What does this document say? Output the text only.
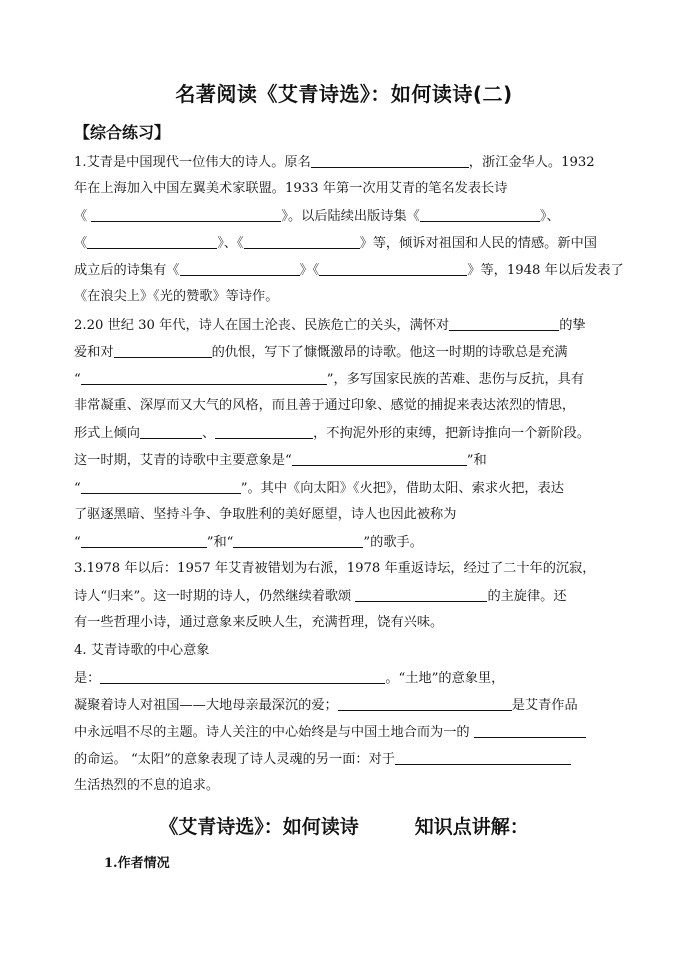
名著阅读《艾青诗选》：如何读诗(二)
【综合练习】
1.艾青是中国现代一位伟大的诗人。原名	，浙江金华人。1932
年在上海加入中国左翼美术家联盟。1933 年第一次用艾青的笔名发表长诗
《	》。以后陆续出版诗集《	》、
《	》、《	》等，倾诉对祖国和人民的情感。新中国
成立后的诗集有《	》《	》等，1948 年以后发表了
《在浪尖上》《光的赞歌》等诗作。
2.20 世纪 30 年代，诗人在国土沦丧、民族危亡的关头，满怀对	的挚
爱和对	的仇恨，写下了慷慨激昂的诗歌。他这一时期的诗歌总是充满
“	”，多写国家民族的苦难、悲伤与反抗，具有
非常凝重、深厚而又大气的风格，而且善于通过印象、感觉的捕捉来表达浓烈的情思，
形式上倾向	、	，不拘泥外形的束缚，把新诗推向一个新阶段。
这一时期，艾青的诗歌中主要意象是“	”和
“	”。其中《向太阳》《火把》，借助太阳、索求火把，表达
了驱逐黑暗、坚持斗争、争取胜利的美好愿望，诗人也因此被称为
“	”和“	”的歌手。
3.1978 年以后：1957 年艾青被错划为右派，1978 年重返诗坛，经过了二十年的沉寂，
诗人“归来”。这一时期的诗人，仍然继续着歌颂	的主旋律。还
有一些哲理小诗，通过意象来反映人生，充满哲理，饶有兴味。
4. 艾青诗歌的中心意象
是：	。“土地”的意象里，
凝聚着诗人对祖国——大地母亲最深沉的爱；	是艾青作品
中永远唱不尽的主题。诗人关注的中心始终是与中国土地合而为一的
的命运。 “太阳”的意象表现了诗人灵魂的另一面：对于
生活热烈的不息的追求。
《艾青诗选》：如何读诗	知识点讲解：
1.作者情况
